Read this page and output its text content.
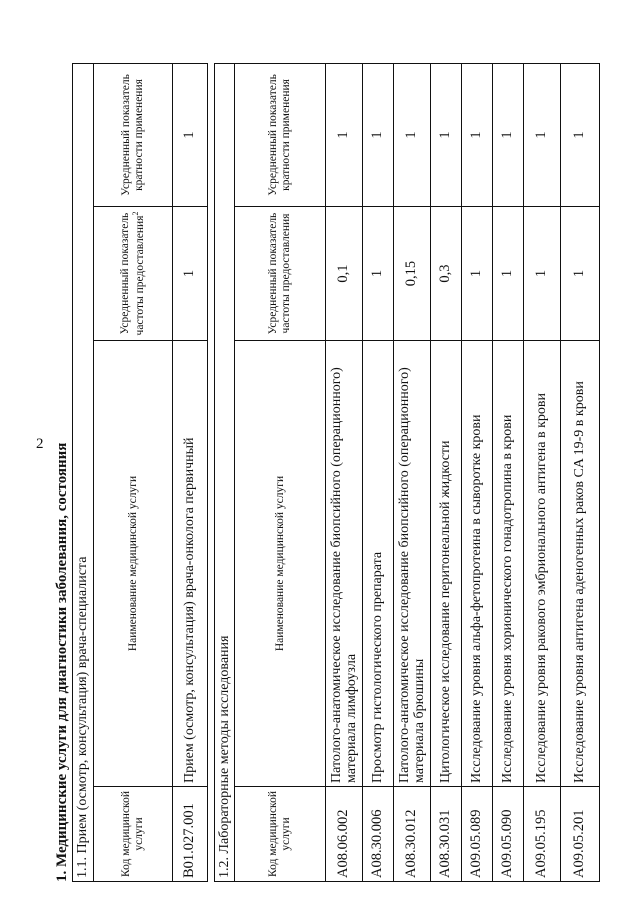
2 1. Медицинские услуги для диагностики заболевания, состояния 1.1. Прием (осмотр, консультация) врача-специалиста			
Код медицинской услуги	Наименование медицинской услуги	Усредненный показатель частоты предоставления$^2$	Усредненный показатель кратности применения
B01.027.001	Прием (осмотр, консультация) врача-онколога первичный	1	1
1.2. Лабораторные методы исследования			
Код медицинской услуги	Наименование медицинской услуги	Усредненный показатель частоты предоставления	Усредненный показатель кратности применения
A08.06.002	Патолого-анатомическое исследование биопсийного (операционного) материала лимфоузла	0,1	1
A08.30.006	Просмотр гистологического препарата	1	1
A08.30.012	Патолого-анатомическое исследование биопсийного (операционного) материала брюшины	0,15	1
A08.30.031	Цитологическое исследование перитонеальной жидкости	0,3	1
A09.05.089	Исследование уровня альфа-фетопротеина в сыворотке крови	1	1
A09.05.090	Исследование уровня хорионического гонадотропина в крови	1	1
A09.05.195	Исследование уровня ракового эмбрионального антигена в крови	1	1
A09.05.201	Исследование уровня антигена аденогенных раков CA 19-9 в крови	1	1
